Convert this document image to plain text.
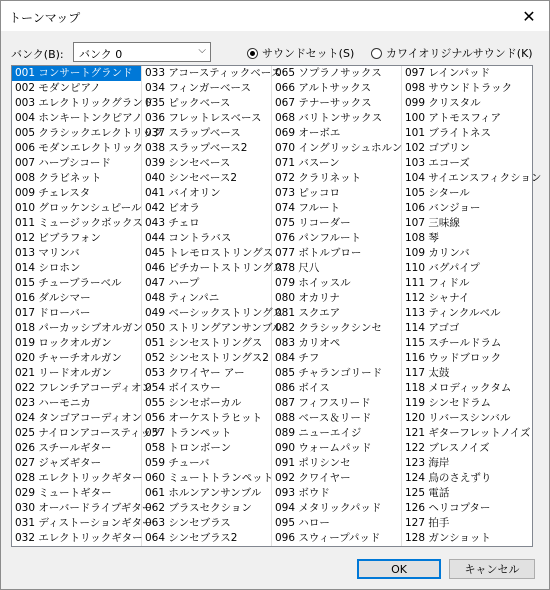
トーンマップ	✕
バンク(B): バンク 0	⌵	サウンドセット(S)	カワイオリジナルサウンド(K)
001 コンサートグランド
002 モダンピアノ
003 エレクトリックグランド
004 ホンキートンクピアノ
005 クラシックエレクトリック
006 モダンエレクトリック
007 ハープシコード
008 クラビネット
009 チェレスタ
010 グロッケンシュピール
011 ミュージックボックス
012 ビブラフォン
013 マリンバ
014 シロホン
015 チューブラーベル
016 ダルシマー
017 ドローバー
018 パーカッシブオルガン
019 ロックオルガン
020 チャーチオルガン
021 リードオルガン
022 フレンチアコーディオン
023 ハーモニカ
024 タンゴアコーディオン
025 ナイロンアコースティック
026 スチールギター
027 ジャズギター
028 エレクトリックギター
029 ミュートギター
030 オーバードライブギター
031 ディストーションギター
032 エレクトリックギター
033 アコースティックベース
034 フィンガーベース
035 ピックベース
036 フレットレスベース
037 スラップベース
038 スラップベース2
039 シンセベース
040 シンセベース2
041 バイオリン
042 ビオラ
043 チェロ
044 コントラバス
045 トレモロストリングス
046 ピチカートストリングス
047 ハープ
048 ティンパニ
049 ベーシックストリングス
050 ストリングアンサンブル
051 シンセストリングス
052 シンセストリングス2
053 クワイヤー アー
054 ボイスウー
055 シンセボーカル
056 オーケストラヒット
057 トランペット
058 トロンボーン
059 チューバ
060 ミュートトランペット
061 ホルンアンサンブル
062 ブラスセクション
063 シンセブラス
064 シンセブラス2
065 ソプラノサックス
066 アルトサックス
067 テナーサックス
068 バリトンサックス
069 オーボエ
070 イングリッシュホルン
071 バスーン
072 クラリネット
073 ピッコロ
074 フルート
075 リコーダー
076 パンフルート
077 ボトルブロー
078 尺八
079 ホイッスル
080 オカリナ
081 スクエア
082 クラシックシンセ
083 カリオペ
084 チフ
085 チャランゴリード
086 ボイス
087 フィフスリード
088 ベース＆リード
089 ニューエイジ
090 ウォームパッド
091 ポリシンセ
092 クワイヤー
093 ボウド
094 メタリックパッド
095 ハロー
096 スウィープパッド
097 レインパッド
098 サウンドトラック
099 クリスタル
100 アトモスフィア
101 ブライトネス
102 ゴブリン
103 エコーズ
104 サイエンスフィクション
105 シタール
106 バンジョー
107 三味線
108 琴
109 カリンバ
110 バグパイプ
111 フィドル
112 シャナイ
113 ティンクルベル
114 アゴゴ
115 スチールドラム
116 ウッドブロック
117 太鼓
118 メロディックタム
119 シンセドラム
120 リバースシンバル
121 ギターフレットノイズ
122 ブレスノイズ
123 海岸
124 鳥のさえずり
125 電話
126 ヘリコプター
127 拍手
128 ガンショット
OK	キャンセル
